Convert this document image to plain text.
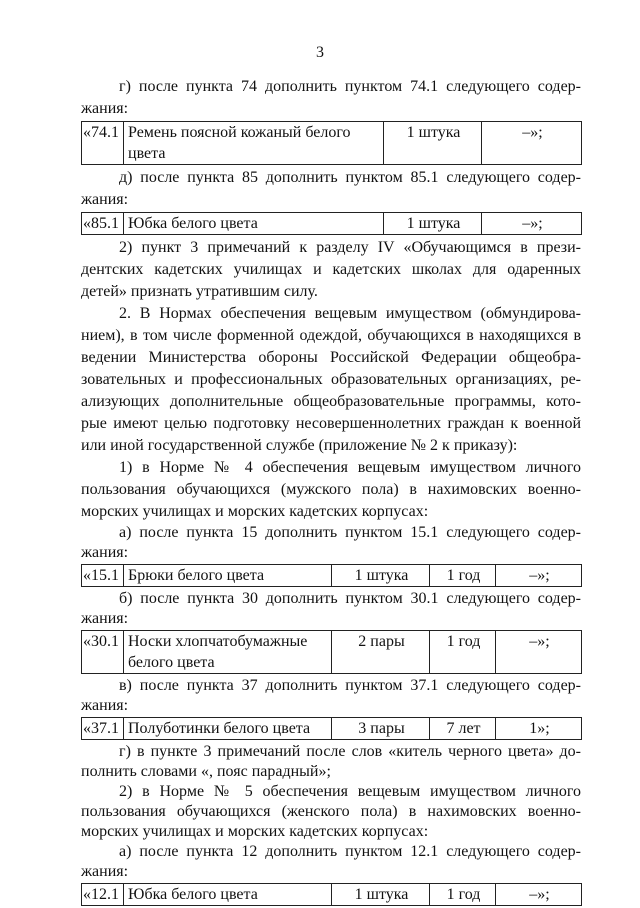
3

г) после пункта 74 дополнить пунктом 74.1 следующего содер-жания:

«74.1	Ремень поясной кожаный белого цвета	1 штука	–»;

д) после пункта 85 дополнить пунктом 85.1 следующего содер-жания:

«85.1	Юбка белого цвета	1 штука	–»;

2) пункт 3 примечаний к разделу IV «Обучающимся в прези-дентских кадетских училищах и кадетских школах для одаренных детей» признать утратившим силу.

2. В Нормах обеспечения вещевым имуществом (обмундирова-нием), в том числе форменной одеждой, обучающихся в находящихся в ведении Министерства обороны Российской Федерации общеобра-зовательных и профессиональных образовательных организациях, ре-ализующих дополнительные общеобразовательные программы, кото-рые имеют целью подготовку несовершеннолетних граждан к военной или иной государственной службе (приложение № 2 к приказу):

1) в Норме № 4 обеспечения вещевым имуществом личного пользования обучающихся (мужского пола) в нахимовских военно-морских училищах и морских кадетских корпусах:

а) после пункта 15 дополнить пунктом 15.1 следующего содер-жания:

«15.1	Брюки белого цвета	1 штука	1 год	–»;

б) после пункта 30 дополнить пунктом 30.1 следующего содер-жания:

«30.1	Носки хлопчатобумажные белого цвета	2 пары	1 год	–»;

в) после пункта 37 дополнить пунктом 37.1 следующего содер-жания:

«37.1	Полуботинки белого цвета	3 пары	7 лет	1»;

г) в пункте 3 примечаний после слов «китель черного цвета» до-полнить словами «, пояс парадный»;

2) в Норме № 5 обеспечения вещевым имуществом личного пользования обучающихся (женского пола) в нахимовских военно-морских училищах и морских кадетских корпусах:

а) после пункта 12 дополнить пунктом 12.1 следующего содер-жания:

«12.1	Юбка белого цвета	1 штука	1 год	–»;
